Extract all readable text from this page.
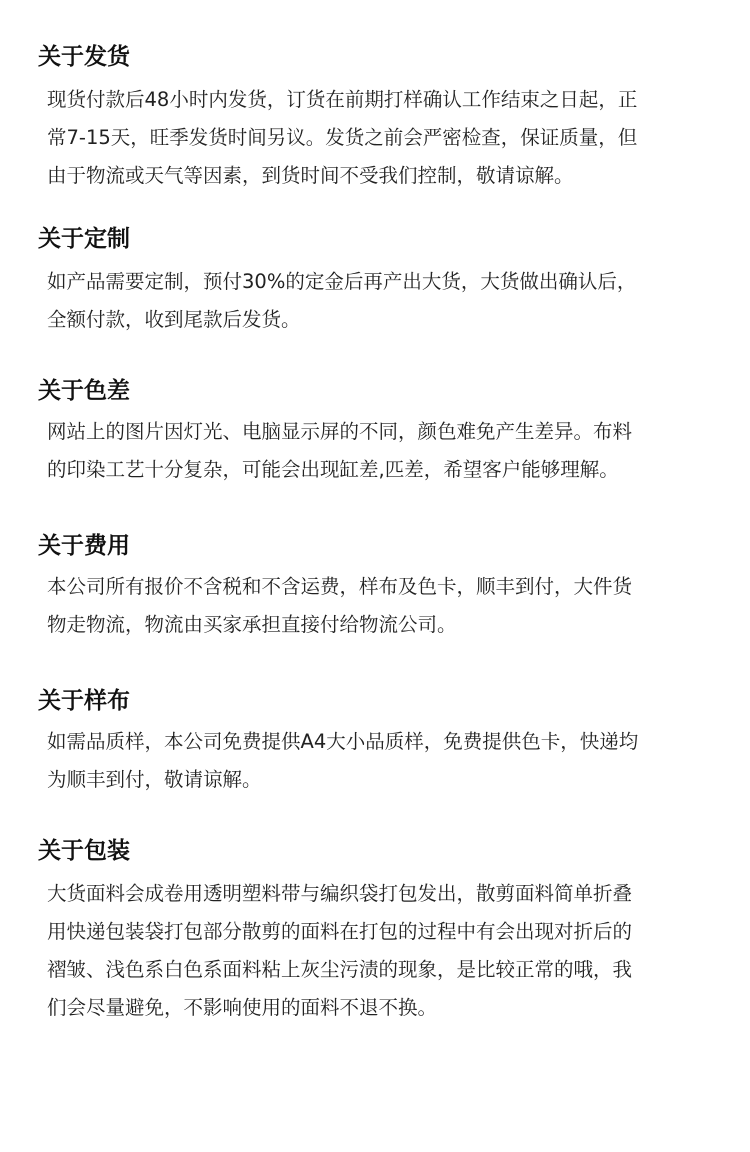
关于发货
现货付款后48小时内发货，订货在前期打样确认工作结束之日起，正
常7-15天，旺季发货时间另议。发货之前会严密检查，保证质量，但
由于物流或天气等因素，到货时间不受我们控制，敬请谅解。
关于定制
如产品需要定制，预付30%的定金后再产出大货，大货做出确认后，
全额付款，收到尾款后发货。
关于色差
网站上的图片因灯光、电脑显示屏的不同，颜色难免产生差异。布料
的印染工艺十分复杂，可能会出现缸差,匹差，希望客户能够理解。
关于费用
本公司所有报价不含税和不含运费，样布及色卡，顺丰到付，大件货
物走物流，物流由买家承担直接付给物流公司。
关于样布
如需品质样，本公司免费提供A4大小品质样，免费提供色卡，快递均
为顺丰到付，敬请谅解。
关于包装
大货面料会成卷用透明塑料带与编织袋打包发出，散剪面料简单折叠
用快递包装袋打包部分散剪的面料在打包的过程中有会出现对折后的
褶皱、浅色系白色系面料粘上灰尘污渍的现象，是比较正常的哦，我
们会尽量避免，不影响使用的面料不退不换。
